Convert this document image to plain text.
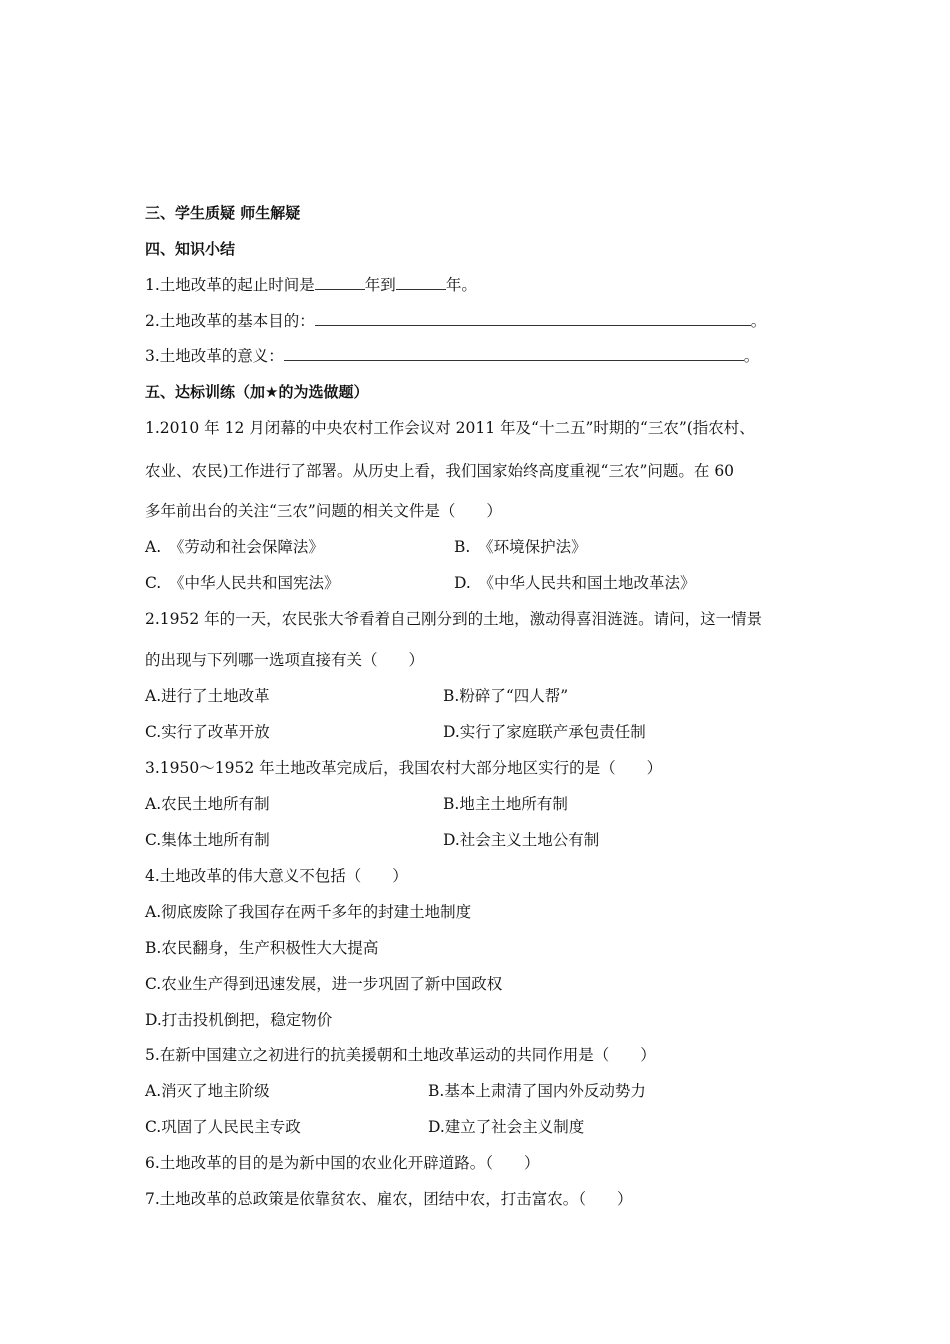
三、学生质疑 师生解疑
四、知识小结
1.土地改革的起止时间是	年到	年。
2.土地改革的基本目的：	。
3.土地改革的意义：	。
五、达标训练（加★的为选做题）
1.2010 年 12 月闭幕的中央农村工作会议对 2011 年及“十二五”时期的“三农”(指农村、
农业、农民)工作进行了部署。从历史上看，我们国家始终高度重视“三农”问题。在 60
多年前出台的关注“三农”问题的相关文件是（　　）
A.　《劳动和社会保障法》	B.　《环境保护法》
C.　《中华人民共和国宪法》	D.　《中华人民共和国土地改革法》
2.1952 年的一天，农民张大爷看着自己刚分到的土地，激动得喜泪涟涟。请问，这一情景
的出现与下列哪一选项直接有关（　　）
A.进行了土地改革	B.粉碎了“四人帮”
C.实行了改革开放	D.实行了家庭联产承包责任制
3.1950～1952 年土地改革完成后，我国农村大部分地区实行的是（　　）
A.农民土地所有制	B.地主土地所有制
C.集体土地所有制	D.社会主义土地公有制
4.土地改革的伟大意义不包括（　　）
A.彻底废除了我国存在两千多年的封建土地制度
B.农民翻身，生产积极性大大提高
C.农业生产得到迅速发展，进一步巩固了新中国政权
D.打击投机倒把，稳定物价
5.在新中国建立之初进行的抗美援朝和土地改革运动的共同作用是（　　）
A.消灭了地主阶级	B.基本上肃清了国内外反动势力
C.巩固了人民民主专政	D.建立了社会主义制度
6.土地改革的目的是为新中国的农业化开辟道路。（　　）
7.土地改革的总政策是依靠贫农、雇农，团结中农，打击富农。（　　）
